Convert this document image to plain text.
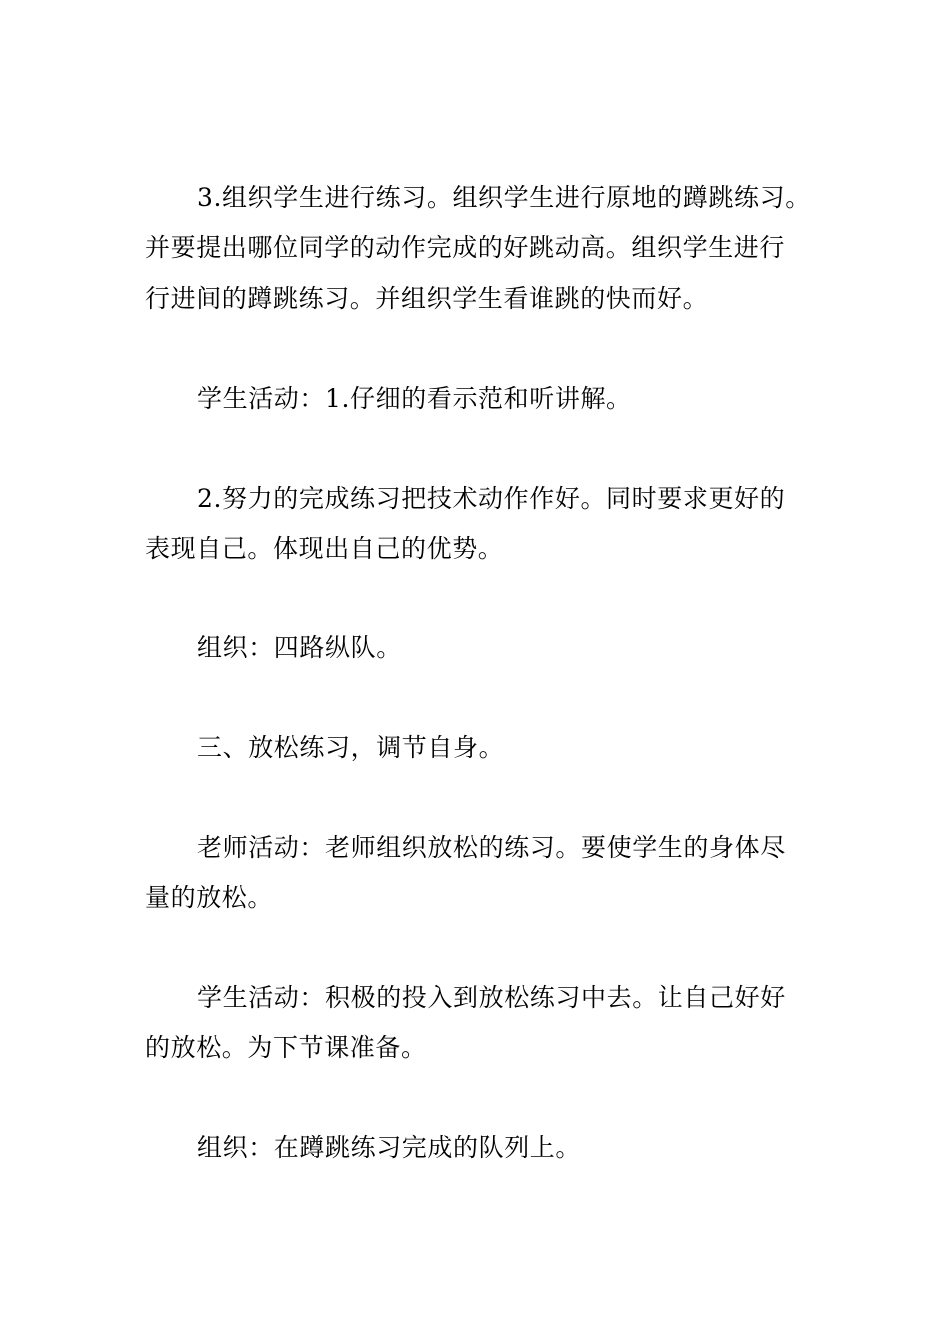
3.组织学生进行练习。组织学生进行原地的蹲跳练习。
并要提出哪位同学的动作完成的好跳动高。组织学生进行
行进间的蹲跳练习。并组织学生看谁跳的快而好。
学生活动：1.仔细的看示范和听讲解。
2.努力的完成练习把技术动作作好。同时要求更好的
表现自己。体现出自己的优势。
组织：四路纵队。
三、放松练习，调节自身。
老师活动：老师组织放松的练习。要使学生的身体尽
量的放松。
学生活动：积极的投入到放松练习中去。让自己好好
的放松。为下节课准备。
组织：在蹲跳练习完成的队列上。
